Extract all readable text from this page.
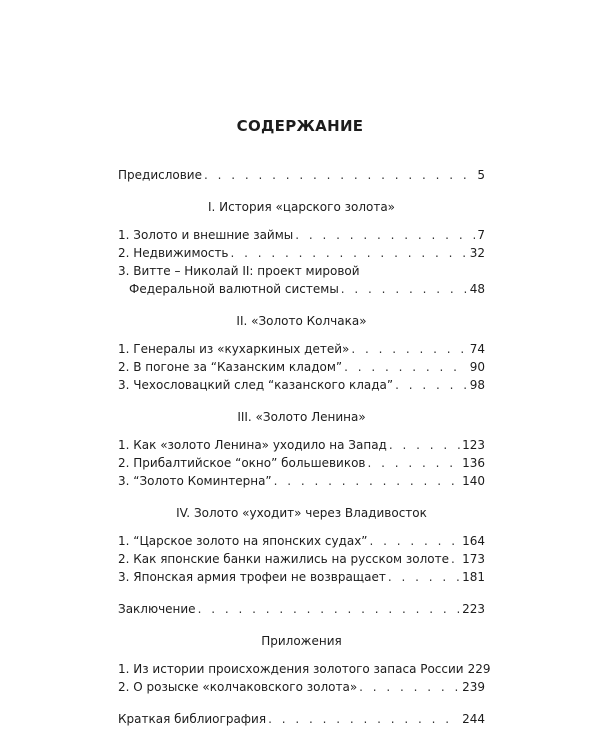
СОДЕРЖАНИЕ
Предисловие . . .	5
I. История «царского золота»
1. Золото и внешние займы . . .	7
2. Недвижимость . . .	32
3. Витте – Николай II: проект мировой
Федеральной валютной системы . . .	48
II. «Золото Колчака»
1. Генералы из «кухаркиных детей» . . .	74
2. В погоне за “Казанским кладом” . . .	90
3. Чехословацкий след “казанского клада” . . .	98
III. «Золото Ленина»
1. Как «золото Ленина» уходило на Запад . . .	123
2. Прибалтийское “окно” большевиков . . .	136
3. “Золото Коминтерна” . . .	140
IV. Золото «уходит» через Владивосток
1. “Царское золото на японских судах” . . .	164
2. Как японские банки нажились на русском золоте . . . 173
3. Японская армия трофеи не возвращает . . .	181
Заключение . . .	223
Приложения
1. Из истории происхождения золотого запаса России 229
2. О розыске «колчаковского золота» . . .	239
Краткая библиография . . .	244
